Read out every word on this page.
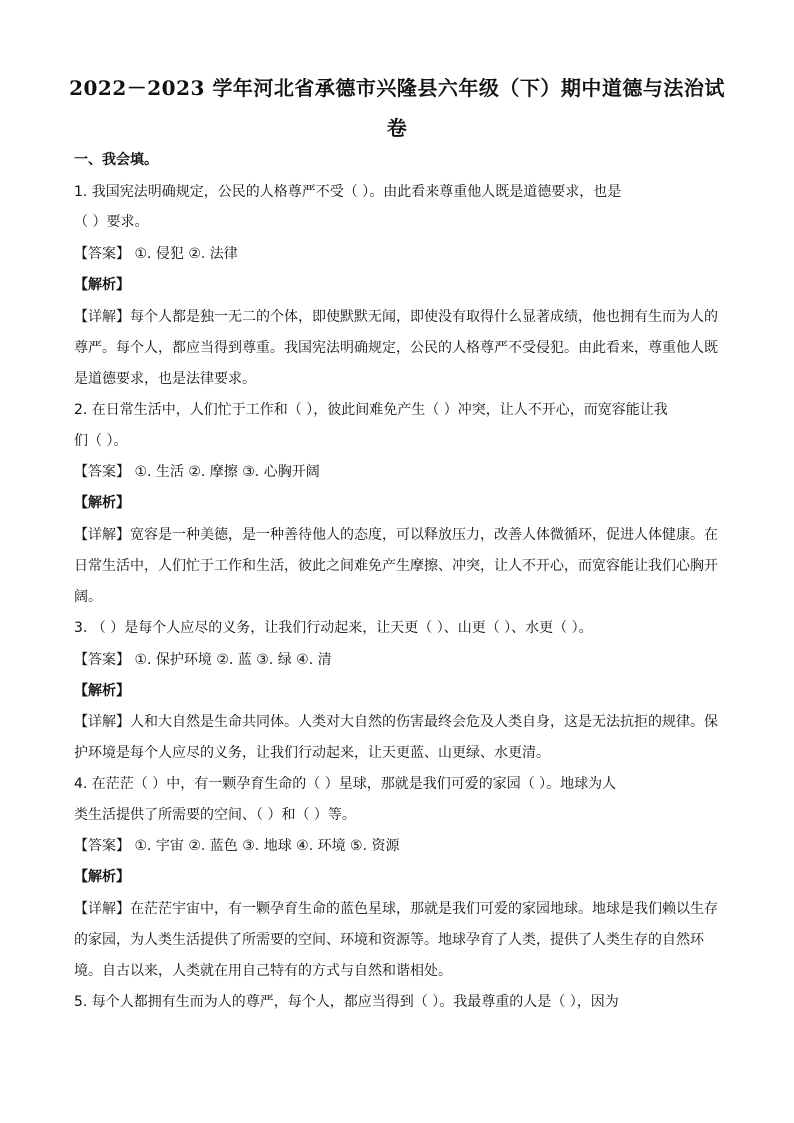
2022－2023 学年河北省承德市兴隆县六年级（下）期中道德与法治试
卷
一、我会填。
1. 我国宪法明确规定，公民的人格尊严不受（ ）。由此看来尊重他人既是道德要求，也是
（ ）要求。
【答案】 ①. 侵犯 ②. 法律
【解析】
【详解】每个人都是独一无二的个体，即使默默无闻，即使没有取得什么显著成绩，他也拥有生而为人的
尊严。每个人，都应当得到尊重。我国宪法明确规定，公民的人格尊严不受侵犯。由此看来，尊重他人既
是道德要求，也是法律要求。
2. 在日常生活中，人们忙于工作和（ ），彼此间难免产生（ ）冲突，让人不开心，而宽容能让我
们（ ）。
【答案】 ①. 生活 ②. 摩擦 ③. 心胸开阔
【解析】
【详解】宽容是一种美德，是一种善待他人的态度，可以释放压力，改善人体微循环，促进人体健康。在
日常生活中，人们忙于工作和生活，彼此之间难免产生摩擦、冲突，让人不开心，而宽容能让我们心胸开
阔。
3. （ ）是每个人应尽的义务，让我们行动起来，让天更（ ）、山更（ ）、水更（ ）。
【答案】 ①. 保护环境 ②. 蓝 ③. 绿 ④. 清
【解析】
【详解】人和大自然是生命共同体。人类对大自然的伤害最终会危及人类自身，这是无法抗拒的规律。保
护环境是每个人应尽的义务，让我们行动起来，让天更蓝、山更绿、水更清。
4. 在茫茫（ ）中，有一颗孕育生命的（ ）星球，那就是我们可爱的家园（ ）。地球为人
类生活提供了所需要的空间、（ ）和（ ）等。
【答案】 ①. 宇宙 ②. 蓝色 ③. 地球 ④. 环境 ⑤. 资源
【解析】
【详解】在茫茫宇宙中，有一颗孕育生命的蓝色星球，那就是我们可爱的家园地球。地球是我们赖以生存
的家园，为人类生活提供了所需要的空间、环境和资源等。地球孕育了人类，提供了人类生存的自然环
境。自古以来，人类就在用自己特有的方式与自然和谐相处。
5. 每个人都拥有生而为人的尊严，每个人，都应当得到（ ）。我最尊重的人是（ ），因为
